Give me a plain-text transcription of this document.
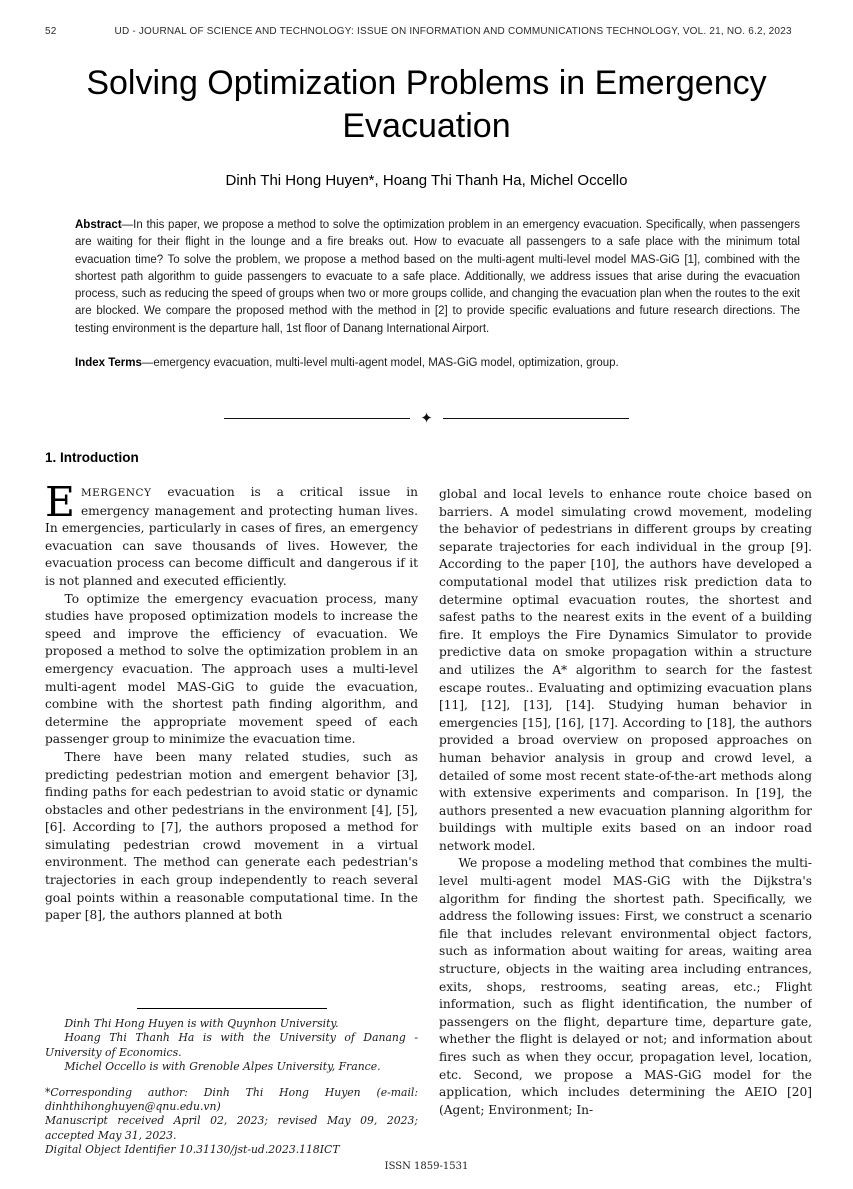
52	UD - JOURNAL OF SCIENCE AND TECHNOLOGY: ISSUE ON INFORMATION AND COMMUNICATIONS TECHNOLOGY, VOL. 21, NO. 6.2, 2023
Solving Optimization Problems in Emergency Evacuation
Dinh Thi Hong Huyen*, Hoang Thi Thanh Ha, Michel Occello
Abstract—In this paper, we propose a method to solve the optimization problem in an emergency evacuation. Specifically, when passengers are waiting for their flight in the lounge and a fire breaks out. How to evacuate all passengers to a safe place with the minimum total evacuation time? To solve the problem, we propose a method based on the multi-agent multi-level model MAS-GiG [1], combined with the shortest path algorithm to guide passengers to evacuate to a safe place. Additionally, we address issues that arise during the evacuation process, such as reducing the speed of groups when two or more groups collide, and changing the evacuation plan when the routes to the exit are blocked. We compare the proposed method with the method in [2] to provide specific evaluations and future research directions. The testing environment is the departure hall, 1st floor of Danang International Airport.
Index Terms—emergency evacuation, multi-level multi-agent model, MAS-GiG model, optimization, group.
✦
1. Introduction

EMERGENCY evacuation is a critical issue in emergency management and protecting human lives. In emergencies, particularly in cases of fires, an emergency evacuation can save thousands of lives. However, the evacuation process can become difficult and dangerous if it is not planned and executed efficiently.

To optimize the emergency evacuation process, many studies have proposed optimization models to increase the speed and improve the efficiency of evacuation. We proposed a method to solve the optimization problem in an emergency evacuation. The approach uses a multi-level multi-agent model MAS-GiG to guide the evacuation, combine with the shortest path finding algorithm, and determine the appropriate movement speed of each passenger group to minimize the evacuation time.

There have been many related studies, such as predicting pedestrian motion and emergent behavior [3], finding paths for each pedestrian to avoid static or dynamic obstacles and other pedestrians in the environment [4], [5], [6]. According to [7], the authors proposed a method for simulating pedestrian crowd movement in a virtual environment. The method can generate each pedestrian's trajectories in each group independently to reach several goal points within a reasonable computational time. In the paper [8], the authors planned at both

Dinh Thi Hong Huyen is with Quynhon University.

Hoang Thi Thanh Ha is with the University of Danang - University of Economics.

Michel Occello is with Grenoble Alpes University, France.

*Corresponding author: Dinh Thi Hong Huyen (e-mail: dinhthihonghuyen@qnu.edu.vn)

Manuscript received April 02, 2023; revised May 09, 2023; accepted May 31, 2023.

Digital Object Identifier 10.31130/jst-ud.2023.118ICT

global and local levels to enhance route choice based on barriers. A model simulating crowd movement, modeling the behavior of pedestrians in different groups by creating separate trajectories for each individual in the group [9]. According to the paper [10], the authors have developed a computational model that utilizes risk prediction data to determine optimal evacuation routes, the shortest and safest paths to the nearest exits in the event of a building fire. It employs the Fire Dynamics Simulator to provide predictive data on smoke propagation within a structure and utilizes the A* algorithm to search for the fastest escape routes.. Evaluating and optimizing evacuation plans [11], [12], [13], [14]. Studying human behavior in emergencies [15], [16], [17]. According to [18], the authors provided a broad overview on proposed approaches on human behavior analysis in group and crowd level, a detailed of some most recent state-of-the-art methods along with extensive experiments and comparison. In [19], the authors presented a new evacuation planning algorithm for buildings with multiple exits based on an indoor road network model.

We propose a modeling method that combines the multi-level multi-agent model MAS-GiG with the Dijkstra's algorithm for finding the shortest path. Specifically, we address the following issues: First, we construct a scenario file that includes relevant environmental object factors, such as information about waiting for areas, waiting area structure, objects in the waiting area including entrances, exits, shops, restrooms, seating areas, etc.; Flight information, such as flight identification, the number of passengers on the flight, departure time, departure gate, whether the flight is delayed or not; and information about fires such as when they occur, propagation level, location, etc. Second, we propose a MAS-GiG model for the application, which includes determining the AEIO [20] (Agent; Environment; In-

ISSN 1859-1531
